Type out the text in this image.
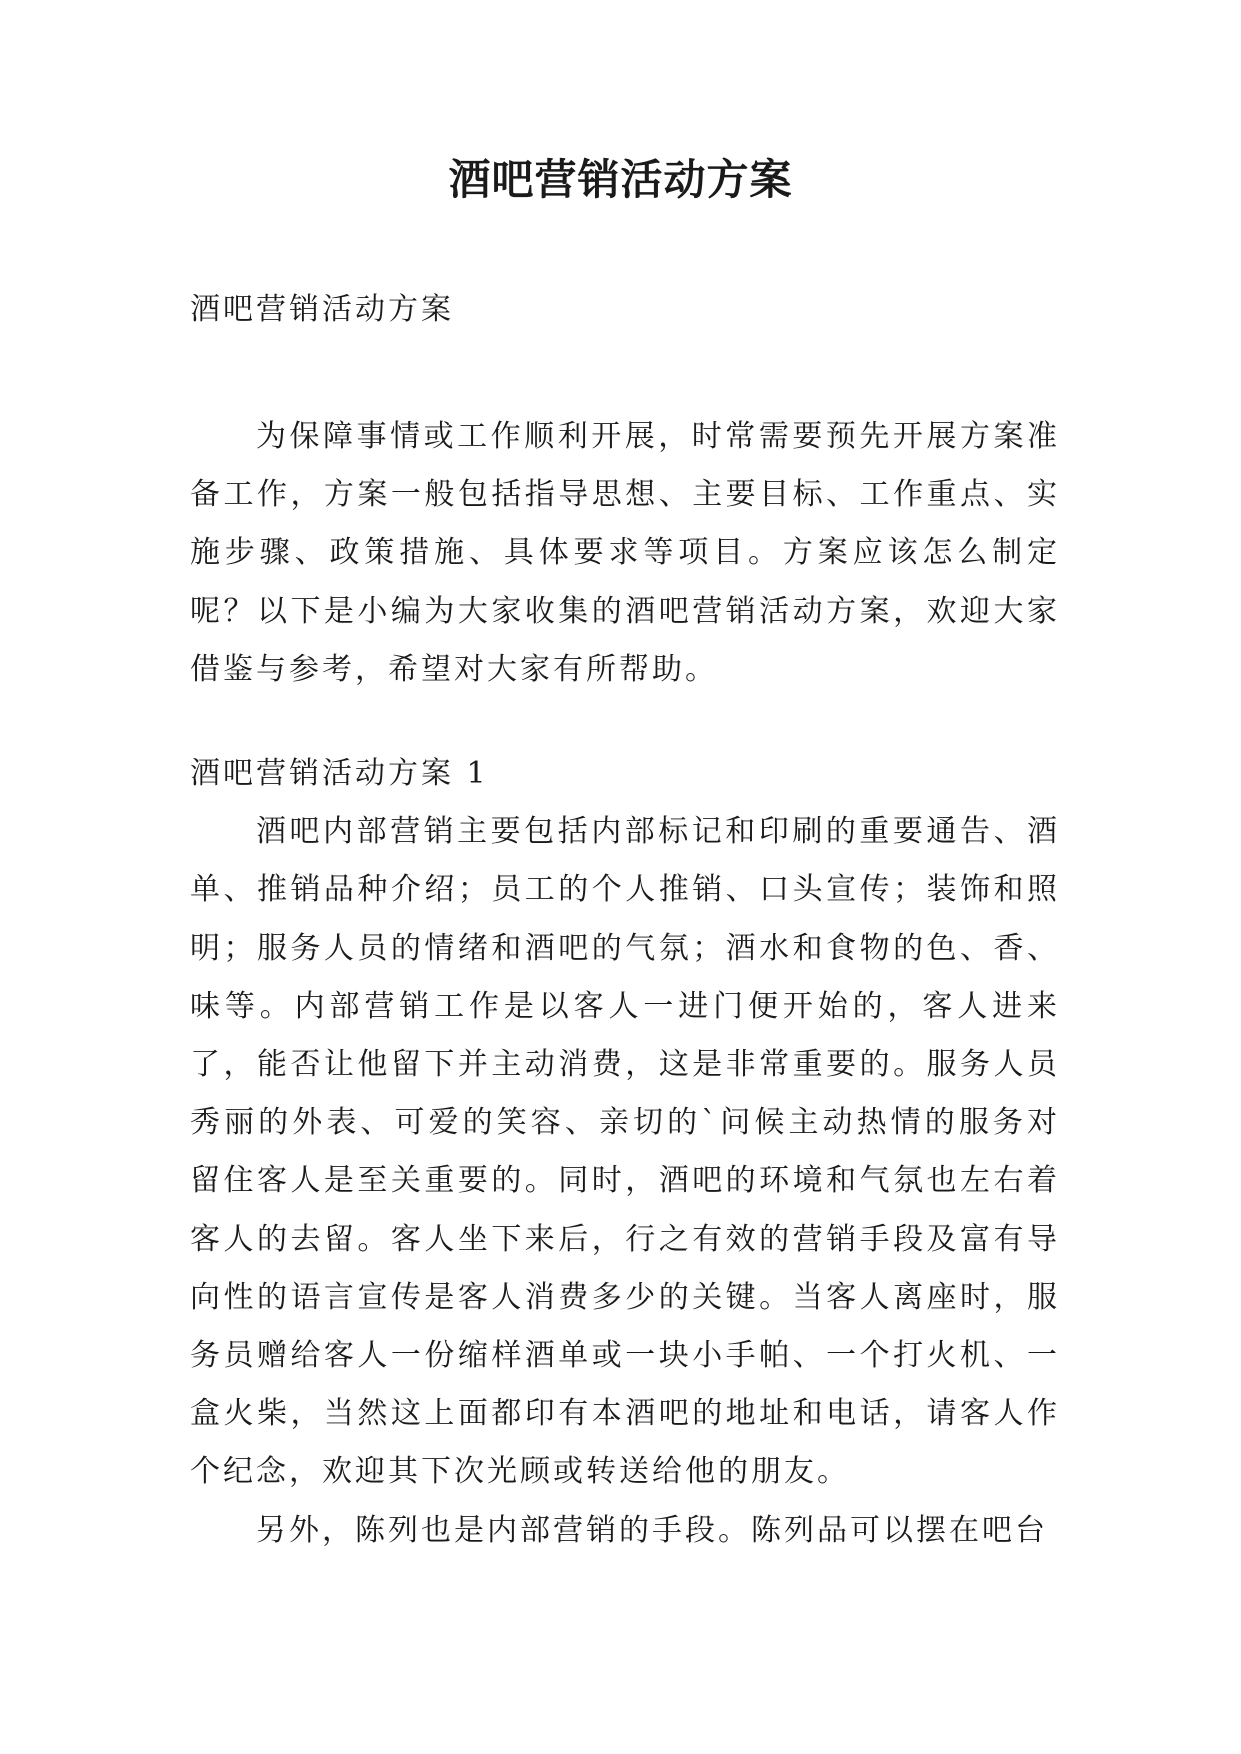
酒吧营销活动方案

酒吧营销活动方案

为保障事情或工作顺利开展，时常需要预先开展方案准备工作，方案一般包括指导思想、主要目标、工作重点、实施步骤、政策措施、具体要求等项目。方案应该怎么制定呢？以下是小编为大家收集的酒吧营销活动方案，欢迎大家借鉴与参考，希望对大家有所帮助。

酒吧营销活动方案 1

酒吧内部营销主要包括内部标记和印刷的重要通告、酒单、推销品种介绍；员工的个人推销、口头宣传；装饰和照明；服务人员的情绪和酒吧的气氛；酒水和食物的色、香、味等。内部营销工作是以客人一进门便开始的，客人进来了，能否让他留下并主动消费，这是非常重要的。服务人员秀丽的外表、可爱的笑容、亲切的`问候主动热情的服务对留住客人是至关重要的。同时，酒吧的环境和气氛也左右着客人的去留。客人坐下来后，行之有效的营销手段及富有导向性的语言宣传是客人消费多少的关键。当客人离座时，服务员赠给客人一份缩样酒单或一块小手帕、一个打火机、一盒火柴，当然这上面都印有本酒吧的地址和电话，请客人作个纪念，欢迎其下次光顾或转送给他的朋友。

另外，陈列也是内部营销的手段。陈列品可以摆在吧台
